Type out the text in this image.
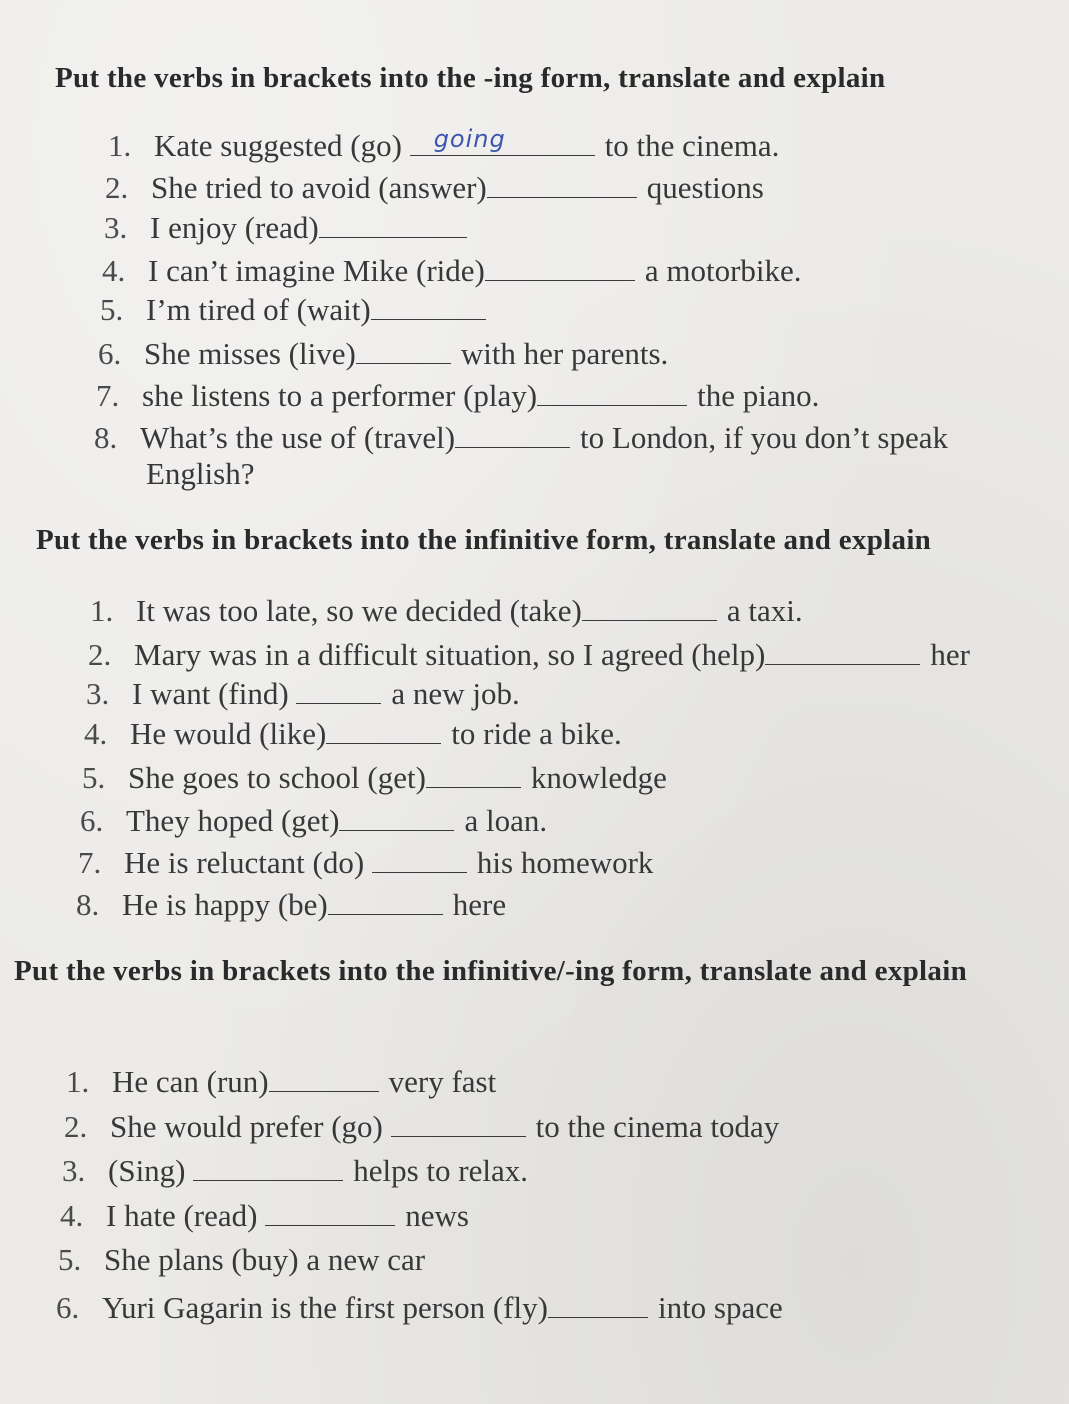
Put the verbs in brackets into the -ing form, translate and explain
1. Kate suggested (go) going	to the cinema.
2. She tried to avoid (answer)	questions
3. I enjoy (read)
4. I can’t imagine Mike (ride)	a motorbike.
5. I’m tired of (wait)
6. She misses (live)	with her parents.
7. she listens to a performer (play)	the piano.
8. What’s the use of (travel)	to London, if you don’t speak
English?
Put the verbs in brackets into the infinitive form, translate and explain
1. It was too late, so we decided (take)	a taxi.
2. Mary was in a difficult situation, so I agreed (help)	her
3. I want (find)	a new job.
4. He would (like)	to ride a bike.
5. She goes to school (get)	knowledge
6. They hoped (get)	a loan.
7. He is reluctant (do)	his homework
8. He is happy (be)	here
Put the verbs in brackets into the infinitive/-ing form, translate and explain
1. He can (run)	very fast
2. She would prefer (go)	to the cinema today
3. (Sing)	helps to relax.
4. I hate (read)	news
5. She plans (buy) a new car
6. Yuri Gagarin is the first person (fly)	into space
